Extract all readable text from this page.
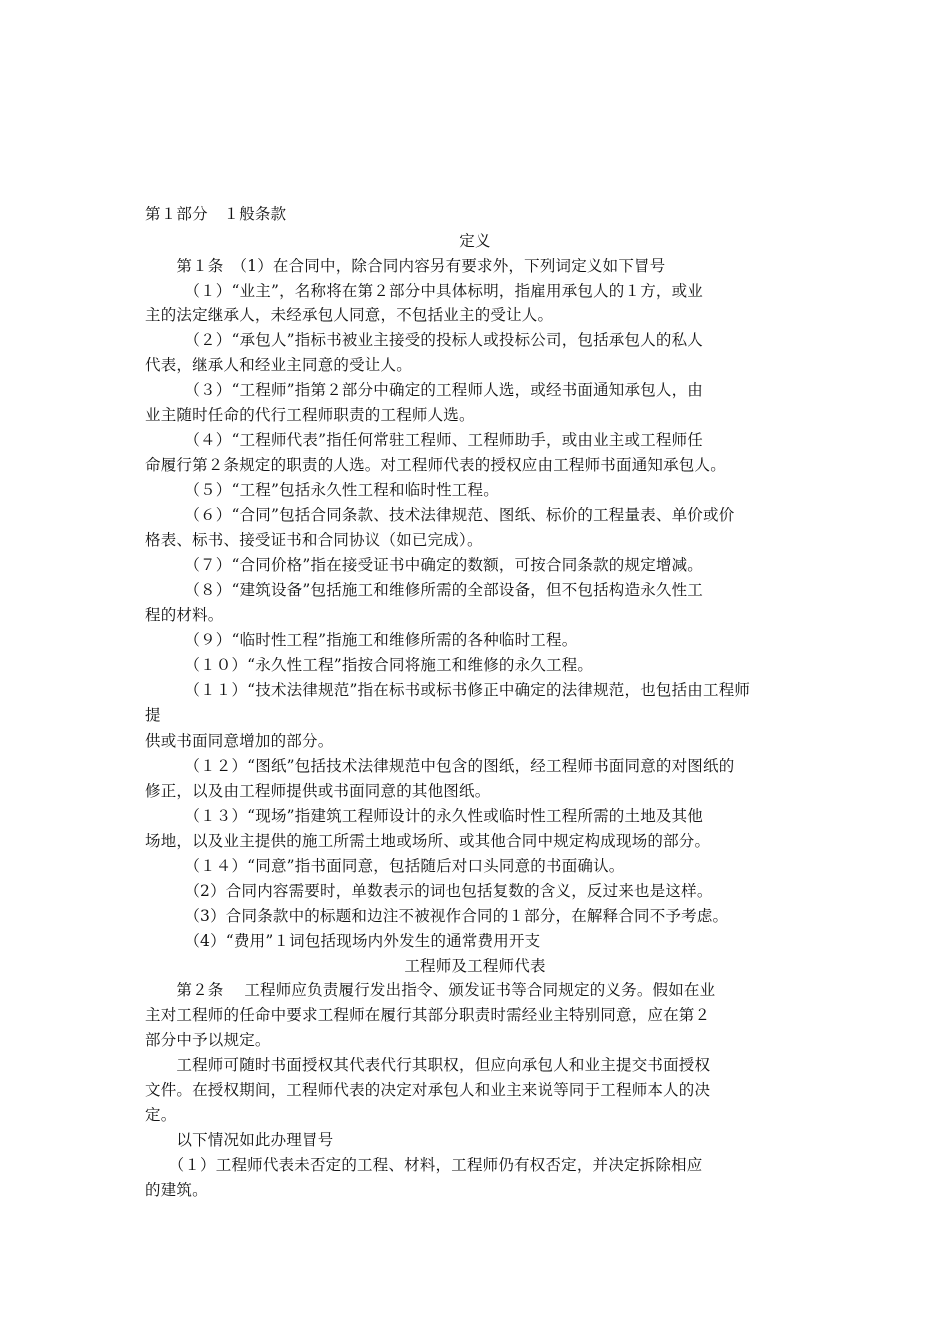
第１部分　１般条款
定义
　　第１条　（1）在合同中，除合同内容另有要求外，下列词定义如下冒号
　　　（１）“业主”，名称将在第２部分中具体标明，指雇用承包人的１方，或业
主的法定继承人，未经承包人同意，不包括业主的受让人。
　　　（２）“承包人”指标书被业主接受的投标人或投标公司，包括承包人的私人
代表，继承人和经业主同意的受让人。
　　　（３）“工程师”指第２部分中确定的工程师人选，或经书面通知承包人，由
业主随时任命的代行工程师职责的工程师人选。
　　　（４）“工程师代表”指任何常驻工程师、工程师助手，或由业主或工程师任
命履行第２条规定的职责的人选。对工程师代表的授权应由工程师书面通知承包人。
　　　（５）“工程”包括永久性工程和临时性工程。
　　　（６）“合同”包括合同条款、技术法律规范、图纸、标价的工程量表、单价或价
格表、标书、接受证书和合同协议（如已完成）。
　　　（７）“合同价格”指在接受证书中确定的数额，可按合同条款的规定增减。
　　　（８）“建筑设备”包括施工和维修所需的全部设备，但不包括构造永久性工
程的材料。
　　　（９）“临时性工程”指施工和维修所需的各种临时工程。
　　　（１０）“永久性工程”指按合同将施工和维修的永久工程。
　　　（１１）“技术法律规范”指在标书或标书修正中确定的法律规范，也包括由工程师
提
供或书面同意增加的部分。
　　　（１２）“图纸”包括技术法律规范中包含的图纸，经工程师书面同意的对图纸的
修正，以及由工程师提供或书面同意的其他图纸。
　　　（１３）“现场”指建筑工程师设计的永久性或临时性工程所需的土地及其他
场地，以及业主提供的施工所需土地或场所、或其他合同中规定构成现场的部分。
　　　（１４）“同意”指书面同意，包括随后对口头同意的书面确认。
　　　（2）合同内容需要时，单数表示的词也包括复数的含义，反过来也是这样。
　　　（3）合同条款中的标题和边注不被视作合同的１部分，在解释合同不予考虑。
　　　（4）“费用”１词包括现场内外发生的通常费用开支
工程师及工程师代表
　　第２条　 工程师应负责履行发出指令、颁发证书等合同规定的义务。假如在业
主对工程师的任命中要求工程师在履行其部分职责时需经业主特别同意，应在第２
部分中予以规定。
　　工程师可随时书面授权其代表代行其职权，但应向承包人和业主提交书面授权
文件。在授权期间，工程师代表的决定对承包人和业主来说等同于工程师本人的决
定。
　　以下情况如此办理冒号
　　（１）工程师代表未否定的工程、材料，工程师仍有权否定，并决定拆除相应
的建筑。
